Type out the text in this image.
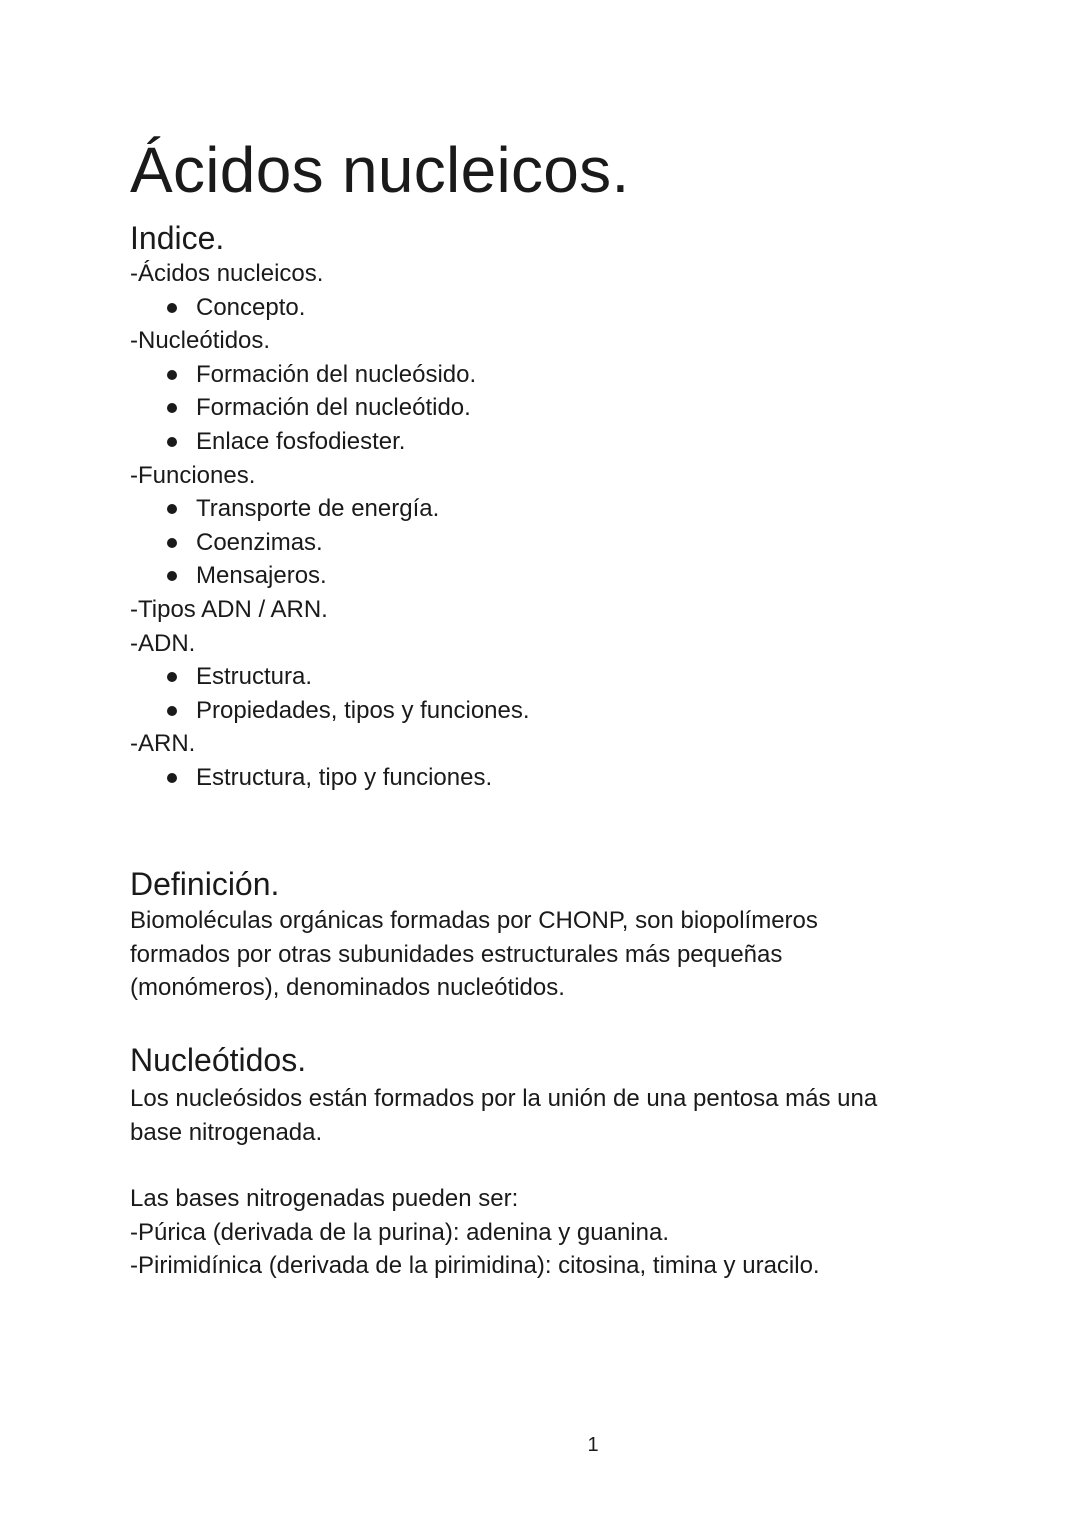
Ácidos nucleicos.
Indice.
-Ácidos nucleicos.
Concepto.
-Nucleótidos.
Formación del nucleósido.
Formación del nucleótido.
Enlace fosfodiester.
-Funciones.
Transporte de energía.
Coenzimas.
Mensajeros.
-Tipos ADN / ARN.
-ADN.
Estructura.
Propiedades, tipos y funciones.
-ARN.
Estructura, tipo y funciones.
Definición.

Biomoléculas orgánicas formadas por CHONP, son biopolímeros
formados por otras subunidades estructurales más pequeñas
(monómeros), denominados nucleótidos.

Nucleótidos.

Los nucleósidos están formados por la unión de una pentosa más una
base nitrogenada.

Las bases nitrogenadas pueden ser:
-Púrica (derivada de la purina): adenina y guanina.
-Pirimidínica (derivada de la pirimidina): citosina, timina y uracilo.

1
